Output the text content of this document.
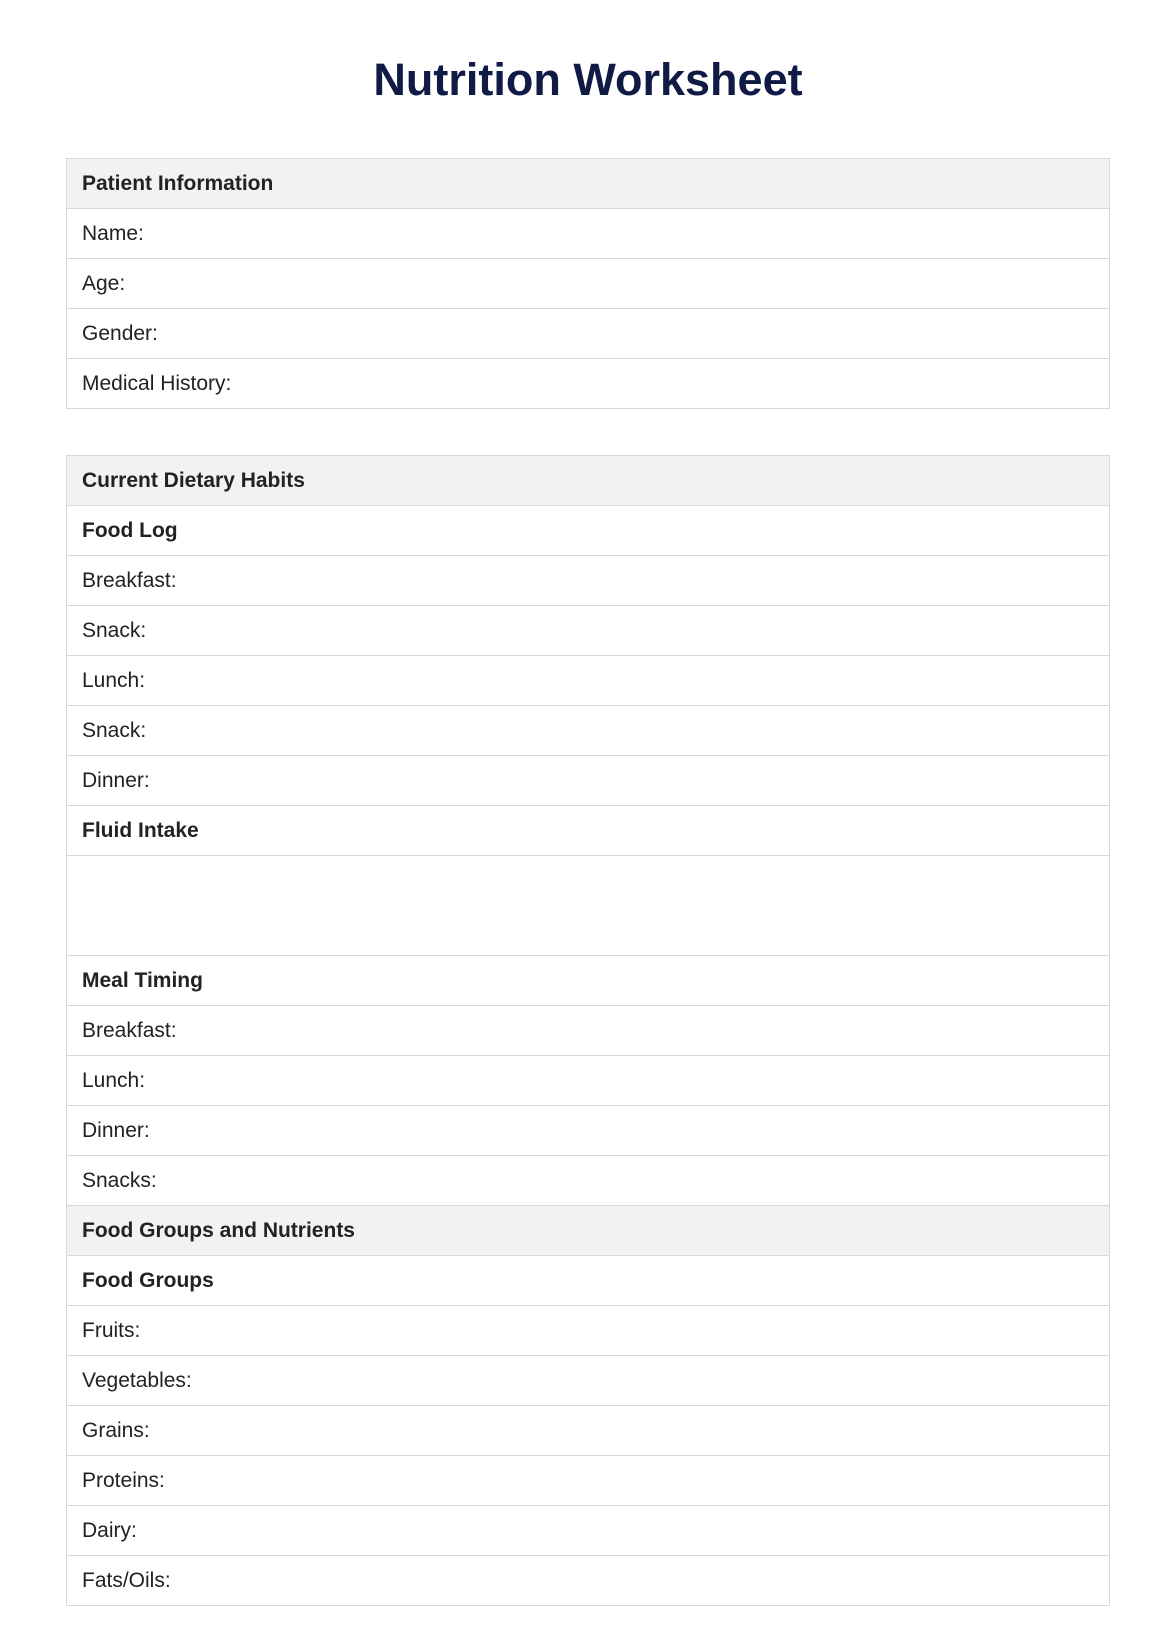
Nutrition Worksheet
Patient Information
Name:
Age:
Gender:
Medical History:
Current Dietary Habits
Food Log
Breakfast:
Snack:
Lunch:
Snack:
Dinner:
Fluid Intake
Meal Timing
Breakfast:
Lunch:
Dinner:
Snacks:
Food Groups and Nutrients
Food Groups
Fruits:
Vegetables:
Grains:
Proteins:
Dairy:
Fats/Oils:
